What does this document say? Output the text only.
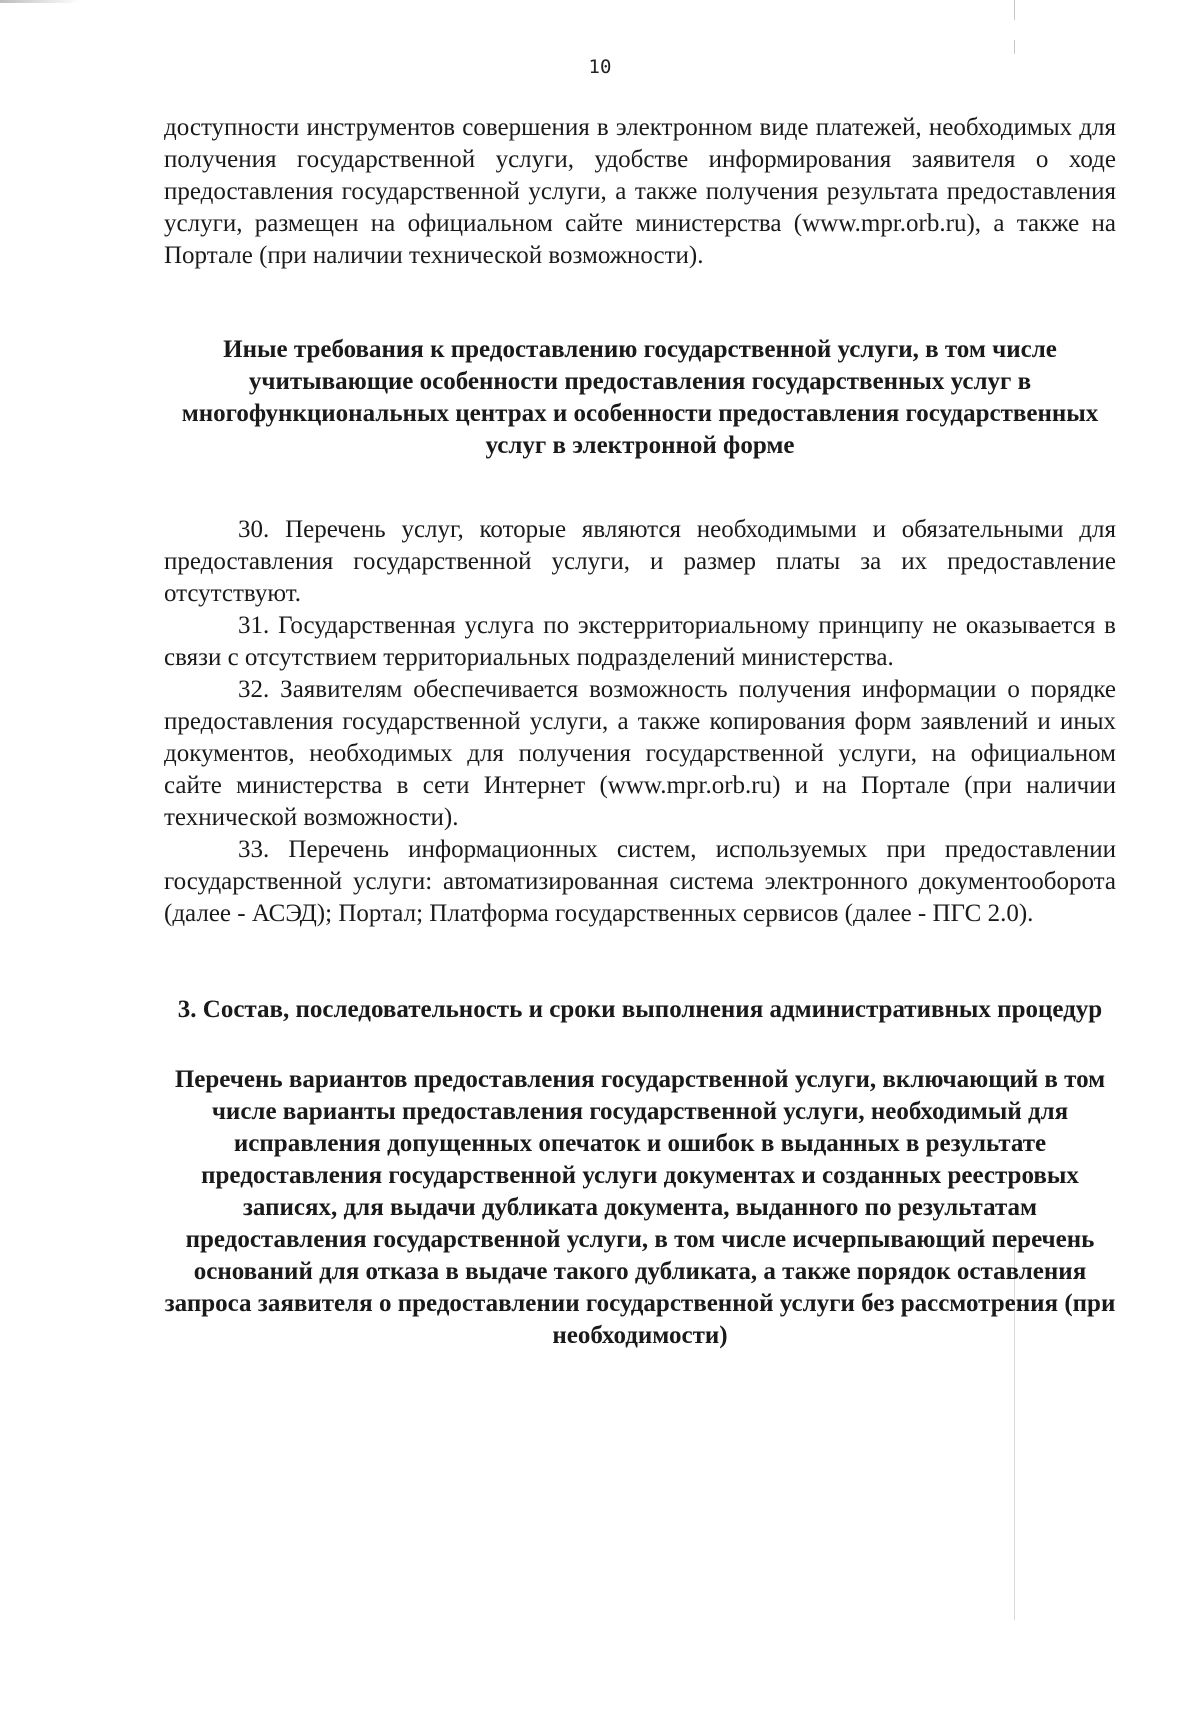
10

доступности инструментов совершения в электронном виде платежей, необходимых для получения государственной услуги, удобстве информирования заявителя о ходе предоставления государственной услуги, а также получения результата предоставления услуги, размещен на официальном сайте министерства (www.mpr.orb.ru), а также на Портале (при наличии технической возможности).

Иные требования к предоставлению государственной услуги, в том числе учитывающие особенности предоставления государственных услуг в многофункциональных центрах и особенности предоставления государственных услуг в электронной форме

30. Перечень услуг, которые являются необходимыми и обязательными для предоставления государственной услуги, и размер платы за их предоставление отсутствуют.

31. Государственная услуга по экстерриториальному принципу не оказывается в связи с отсутствием территориальных подразделений министерства.

32. Заявителям обеспечивается возможность получения информации о порядке предоставления государственной услуги, а также копирования форм заявлений и иных документов, необходимых для получения государственной услуги, на официальном сайте министерства в сети Интернет (www.mpr.orb.ru) и на Портале (при наличии технической возможности).

33. Перечень информационных систем, используемых при предоставлении государственной услуги: автоматизированная система электронного документооборота (далее - АСЭД); Портал; Платформа государственных сервисов (далее - ПГС 2.0).

3. Состав, последовательность и сроки выполнения административных процедур

Перечень вариантов предоставления государственной услуги, включающий в том числе варианты предоставления государственной услуги, необходимый для исправления допущенных опечаток и ошибок в выданных в результате предоставления государственной услуги документах и созданных реестровых записях, для выдачи дубликата документа, выданного по результатам предоставления государственной услуги, в том числе исчерпывающий перечень оснований для отказа в выдаче такого дубликата, а также порядок оставления запроса заявителя о предоставлении государственной услуги без рассмотрения (при необходимости)
